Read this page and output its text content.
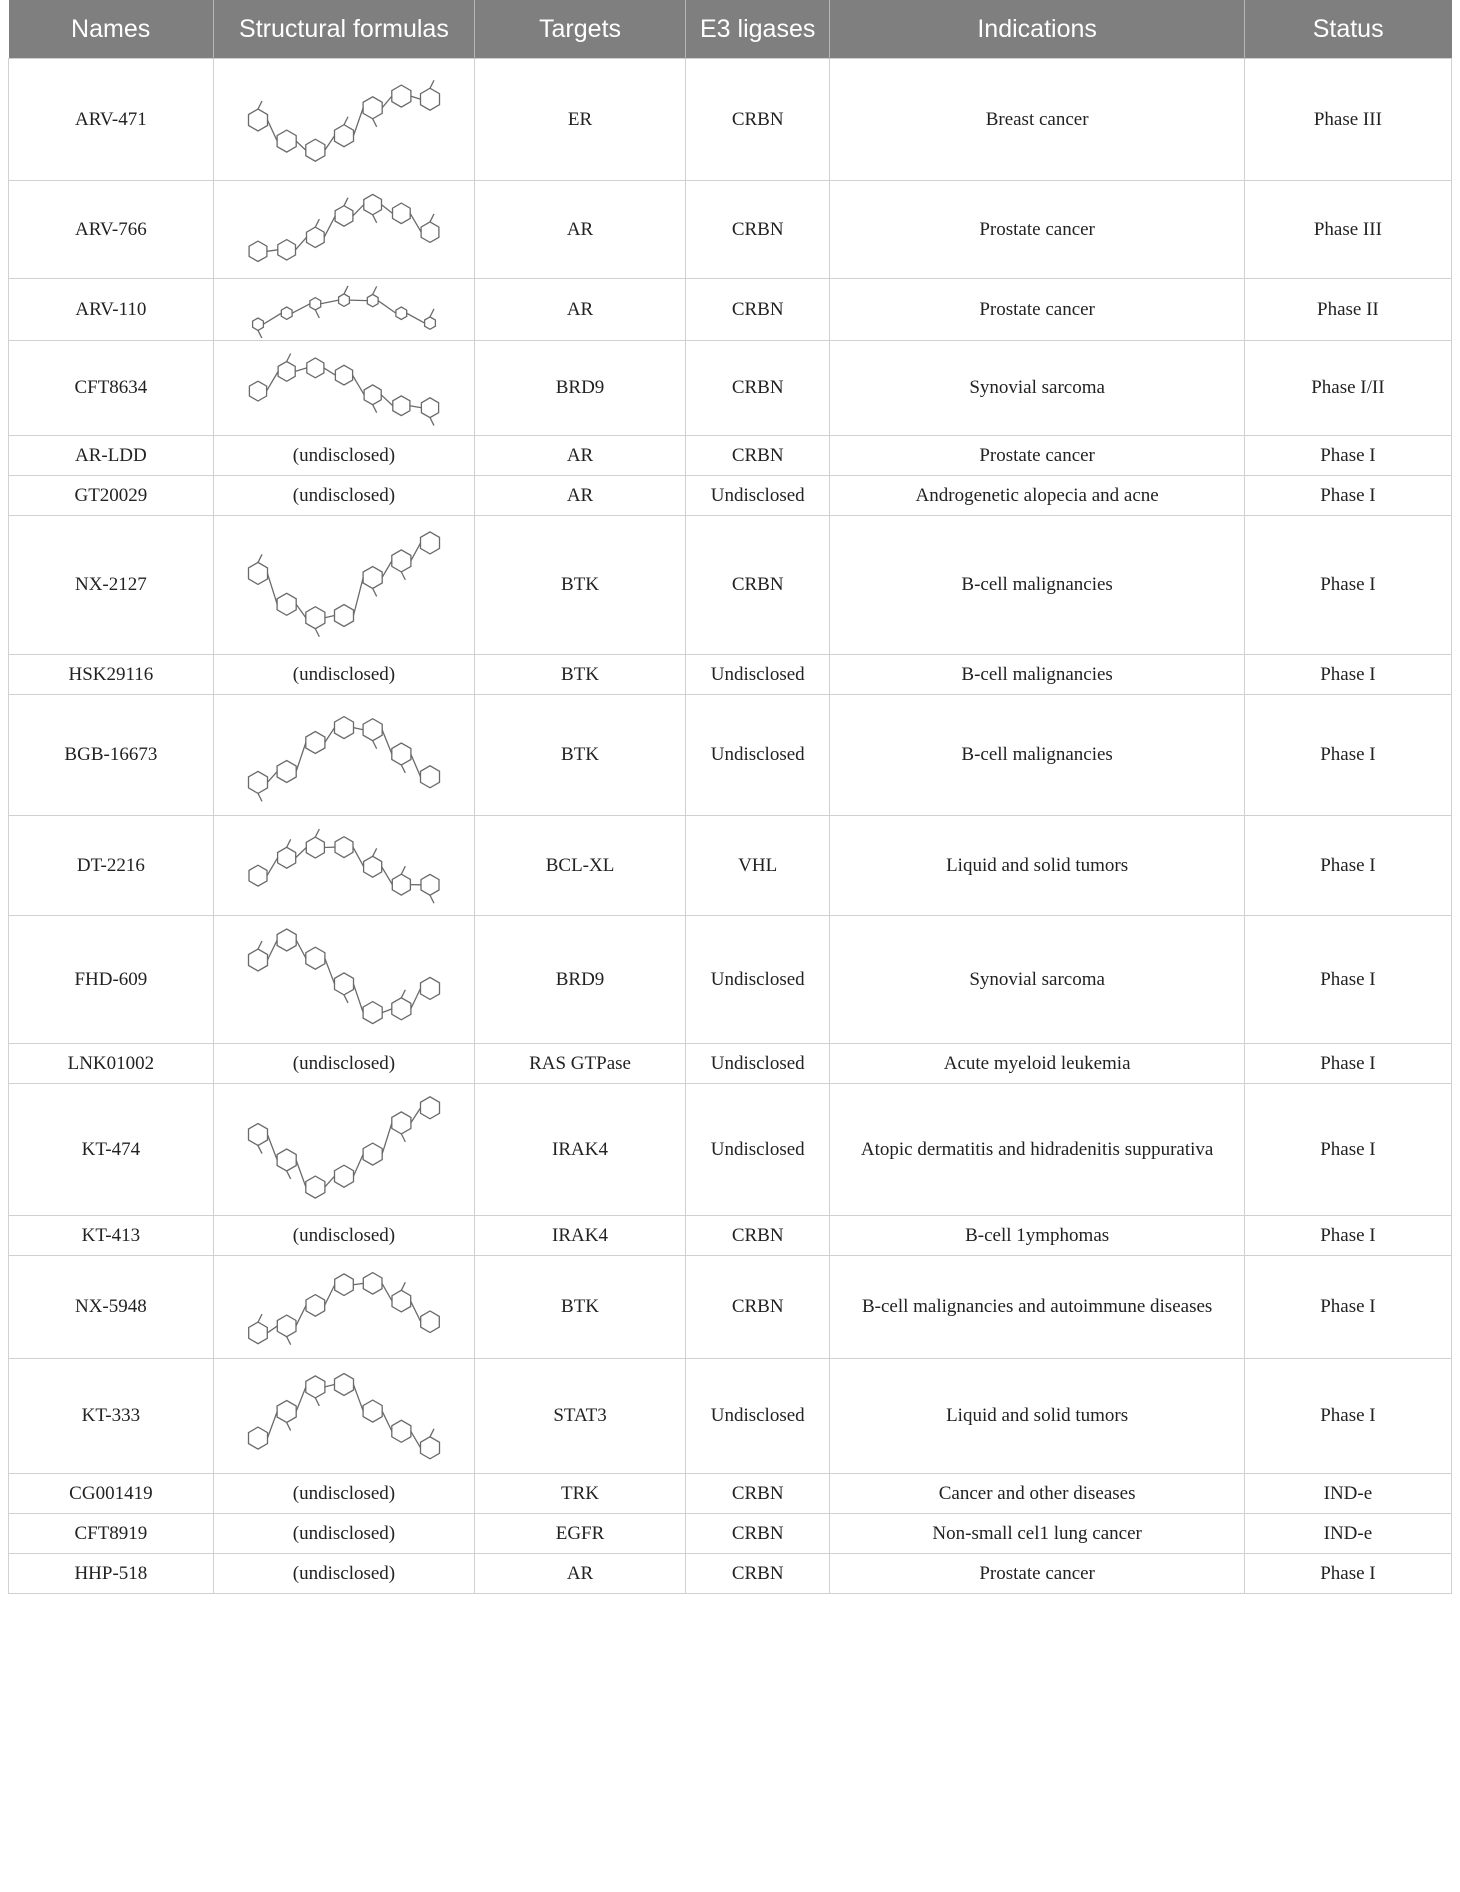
Names	Structural formulas	Targets	E3 ligases	Indications	Status
ARV-471		ER	CRBN	Breast cancer	Phase III
ARV-766		AR	CRBN	Prostate cancer	Phase III
ARV-110		AR	CRBN	Prostate cancer	Phase II
CFT8634		BRD9	CRBN	Synovial sarcoma	Phase I/II
AR-LDD	(undisclosed)	AR	CRBN	Prostate cancer	Phase I
GT20029	(undisclosed)	AR	Undisclosed	Androgenetic alopecia and acne	Phase I
NX-2127		BTK	CRBN	B-cell malignancies	Phase I
HSK29116	(undisclosed)	BTK	Undisclosed	B-cell malignancies	Phase I
BGB-16673		BTK	Undisclosed	B-cell malignancies	Phase I
DT-2216		BCL-XL	VHL	Liquid and solid tumors	Phase I
FHD-609		BRD9	Undisclosed	Synovial sarcoma	Phase I
LNK01002	(undisclosed)	RAS GTPase	Undisclosed	Acute myeloid leukemia	Phase I
KT-474		IRAK4	Undisclosed	Atopic dermatitis and hidradenitis suppurativa	Phase I
KT-413	(undisclosed)	IRAK4	CRBN	B-cell 1ymphomas	Phase I
NX-5948		BTK	CRBN	B-cell malignancies and autoimmune diseases	Phase I
KT-333		STAT3	Undisclosed	Liquid and solid tumors	Phase I
CG001419	(undisclosed)	TRK	CRBN	Cancer and other diseases	IND-e
CFT8919	(undisclosed)	EGFR	CRBN	Non-small cel1 lung cancer	IND-e
HHP-518	(undisclosed)	AR	CRBN	Prostate cancer	Phase I
